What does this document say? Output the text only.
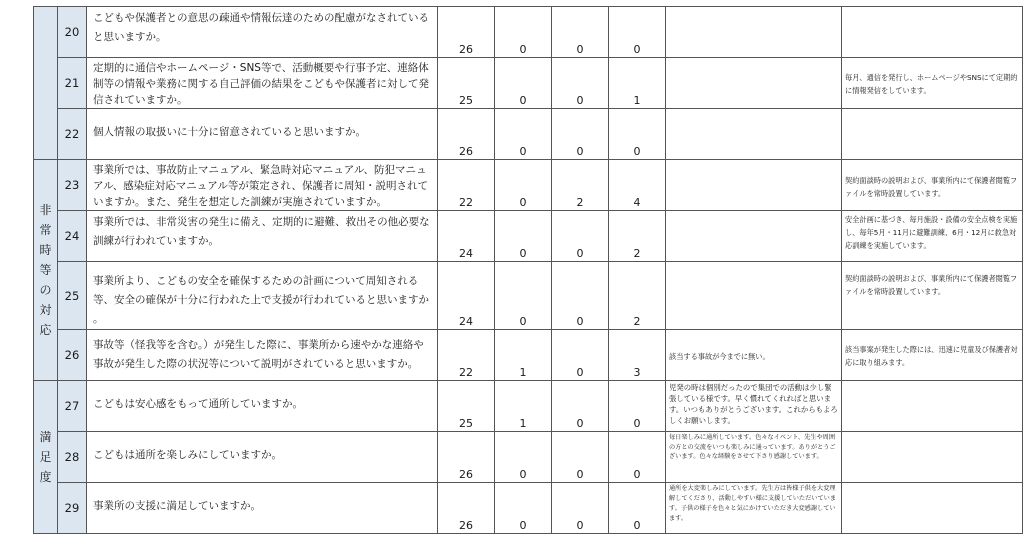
	20	こどもや保護者との意思の疎通や情報伝達のための配慮がなされていると思いますか。	26	0	0	0		
	21	定期的に通信やホームページ・SNS等で、活動概要や行事予定、連絡体制等の情報や業務に関する自己評価の結果をこどもや保護者に対して発信されていますか。	25	0	0	1		毎月、通信を発行し、ホームページやSNSにて定期的に情報発信をしています。
	22	個人情報の取扱いに十分に留意されていると思いますか。	26	0	0	0		
非常時等の対応	23	事業所では、事故防止マニュアル、緊急時対応マニュアル、防犯マニュアル、感染症対応マニュアル等が策定され、保護者に周知・説明されていますか。また、発生を想定した訓練が実施されていますか。	22	0	2	4		契約面談時の説明および、事業所内にて保護者閲覧ファイルを常時設置しています。
	24	事業所では、非常災害の発生に備え、定期的に避難、救出その他必要な訓練が行われていますか。	24	0	0	2		安全計画に基づき、毎月施設・設備の安全点検を実施し、毎年5月・11月に避難訓練、6月・12月に救急対応訓練を実施しています。
	25	事業所より、こどもの安全を確保するための計画について周知される等、安全の確保が十分に行われた上で支援が行われていると思いますか 。	24	0	0	2		契約面談時の説明および、事業所内にて保護者閲覧ファイルを常時設置しています。
	26	事故等（怪我等を含む。）が発生した際に、事業所から速やかな連絡や事故が発生した際の状況等について説明がされていると思いますか。	22	1	0	3	該当する事故が今までに無い。	該当事案が発生した際には、迅速に児童及び保護者対応に取り組みます。
満足度	27	こどもは安心感をもって通所していますか。	25	1	0	0	児発の時は個別だったので集団での活動は少し緊張している様です。早く慣れてくれればと思います。いつもありがとうございます。これからもよろしくお願いします。	
	28	こどもは通所を楽しみにしていますか。	26	0	0	0	毎日楽しみに通所しています。色々なイベント、先生や周囲の方との交流をいつも楽しみに通っています。ありがとうございます。色々な経験をさせて下さり感謝しています。	
	29	事業所の支援に満足していますか。	26	0	0	0	通所を大変楽しみにしています。先生方は皆様子供を大変理解してくださり、活動しやすい様に支援していただいています。子供の様子を色々と気にかけていただき大変感謝しています。	
